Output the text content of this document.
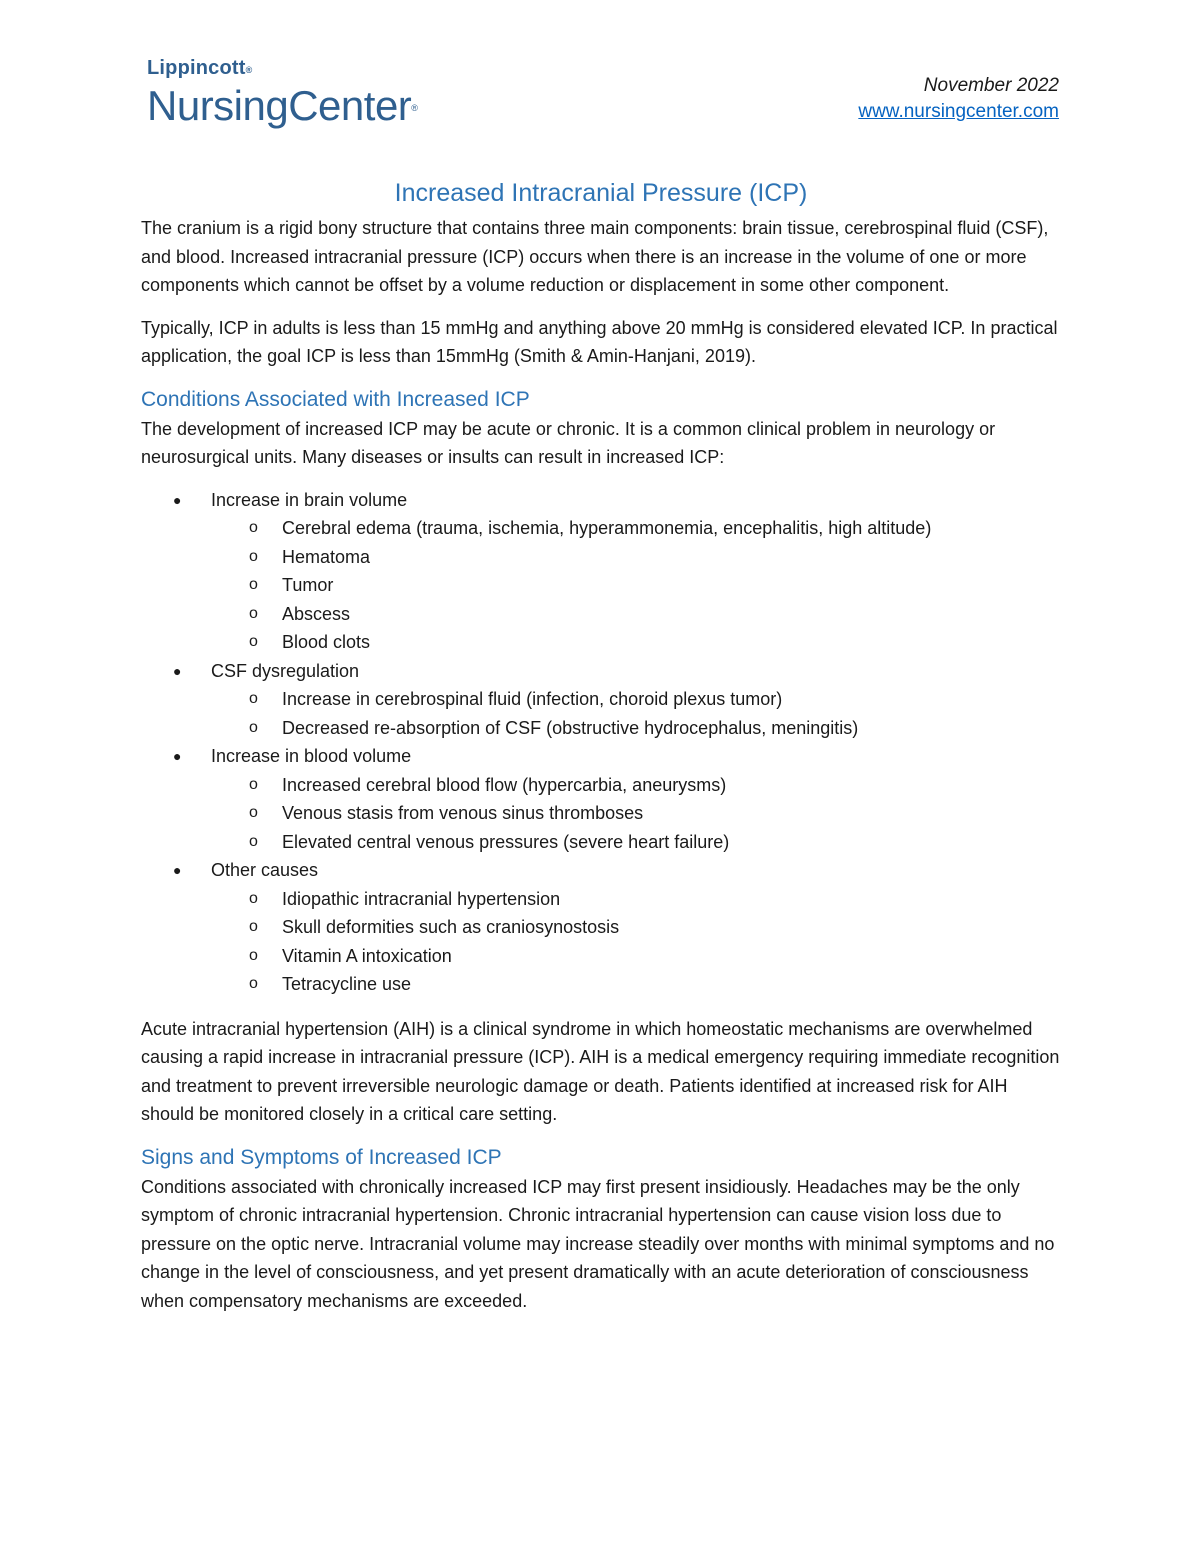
Lippincott®
NursingCenter®
November 2022
www.nursingcenter.com
Increased Intracranial Pressure (ICP)

The cranium is a rigid bony structure that contains three main components: brain tissue, cerebrospinal fluid (CSF), and blood. Increased intracranial pressure (ICP) occurs when there is an increase in the volume of one or more components which cannot be offset by a volume reduction or displacement in some other component.

Typically, ICP in adults is less than 15 mmHg and anything above 20 mmHg is considered elevated ICP. In practical application, the goal ICP is less than 15mmHg (Smith & Amin-Hanjani, 2019).

Conditions Associated with Increased ICP

The development of increased ICP may be acute or chronic. It is a common clinical problem in neurology or neurosurgical units. Many diseases or insults can result in increased ICP:

● Increase in brain volume
o Cerebral edema (trauma, ischemia, hyperammonemia, encephalitis, high altitude)
o Hematoma
o Tumor
o Abscess
o Blood clots
● CSF dysregulation
o Increase in cerebrospinal fluid (infection, choroid plexus tumor)
o Decreased re-absorption of CSF (obstructive hydrocephalus, meningitis)
● Increase in blood volume
o Increased cerebral blood flow (hypercarbia, aneurysms)
o Venous stasis from venous sinus thromboses
o Elevated central venous pressures (severe heart failure)
● Other causes
o Idiopathic intracranial hypertension
o Skull deformities such as craniosynostosis
o Vitamin A intoxication
o Tetracycline use

Acute intracranial hypertension (AIH) is a clinical syndrome in which homeostatic mechanisms are overwhelmed causing a rapid increase in intracranial pressure (ICP). AIH is a medical emergency requiring immediate recognition and treatment to prevent irreversible neurologic damage or death. Patients identified at increased risk for AIH should be monitored closely in a critical care setting.

Signs and Symptoms of Increased ICP

Conditions associated with chronically increased ICP may first present insidiously. Headaches may be the only symptom of chronic intracranial hypertension. Chronic intracranial hypertension can cause vision loss due to pressure on the optic nerve. Intracranial volume may increase steadily over months with minimal symptoms and no change in the level of consciousness, and yet present dramatically with an acute deterioration of consciousness when compensatory mechanisms are exceeded.
